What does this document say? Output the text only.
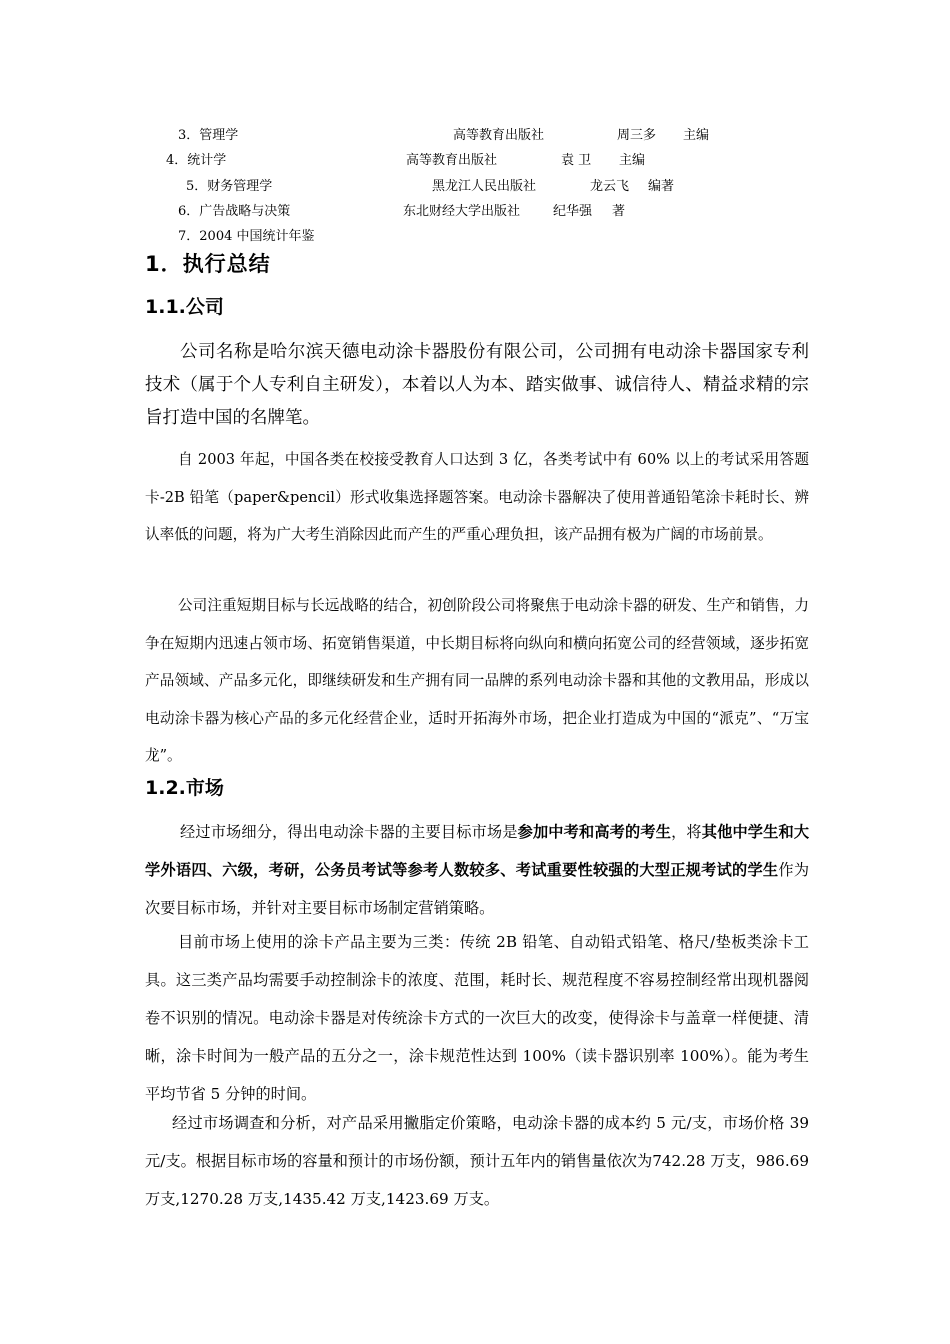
3．管理学	高等教育出版社	周三多 主编
4．统计学	高等教育出版社	袁 卫 主编
5．财务管理学	黑龙江人民出版社	龙云飞 编著
6．广告战略与决策	东北财经大学出版社	纪华强 著
7．2004 中国统计年鉴
1．执行总结
1.1.公司

公司名称是哈尔滨天德电动涂卡器股份有限公司，公司拥有电动涂卡器国家专利技术（属于个人专利自主研发），本着以人为本、踏实做事、诚信待人、精益求精的宗旨打造中国的名牌笔。

自 2003 年起，中国各类在校接受教育人口达到 3 亿，各类考试中有 60% 以上的考试采用答题卡-2B 铅笔（paper&pencil）形式收集选择题答案。电动涂卡器解决了使用普通铅笔涂卡耗时长、辨认率低的问题，将为广大考生消除因此而产生的严重心理负担，该产品拥有极为广阔的市场前景。

公司注重短期目标与长远战略的结合，初创阶段公司将聚焦于电动涂卡器的研发、生产和销售，力争在短期内迅速占领市场、拓宽销售渠道，中长期目标将向纵向和横向拓宽公司的经营领域，逐步拓宽产品领域、产品多元化，即继续研发和生产拥有同一品牌的系列电动涂卡器和其他的文教用品，形成以电动涂卡器为核心产品的多元化经营企业，适时开拓海外市场，把企业打造成为中国的“派克”、“万宝龙”。

1.2.市场

经过市场细分，得出电动涂卡器的主要目标市场是参加中考和高考的考生，将其他中学生和大学外语四、六级，考研，公务员考试等参考人数较多、考试重要性较强的大型正规考试的学生作为次要目标市场，并针对主要目标市场制定营销策略。

目前市场上使用的涂卡产品主要为三类：传统 2B 铅笔、自动铅式铅笔、格尺/垫板类涂卡工具。这三类产品均需要手动控制涂卡的浓度、范围，耗时长、规范程度不容易控制经常出现机器阅卷不识别的情况。电动涂卡器是对传统涂卡方式的一次巨大的改变，使得涂卡与盖章一样便捷、清晰，涂卡时间为一般产品的五分之一，涂卡规范性达到 100%（读卡器识别率 100%）。能为考生平均节省 5 分钟的时间。

经过市场调查和分析，对产品采用撇脂定价策略，电动涂卡器的成本约 5 元/支，市场价格 39 元/支。根据目标市场的容量和预计的市场份额，预计五年内的销售量依次为742.28 万支，986.69 万支,1270.28 万支,1435.42 万支,1423.69 万支。
